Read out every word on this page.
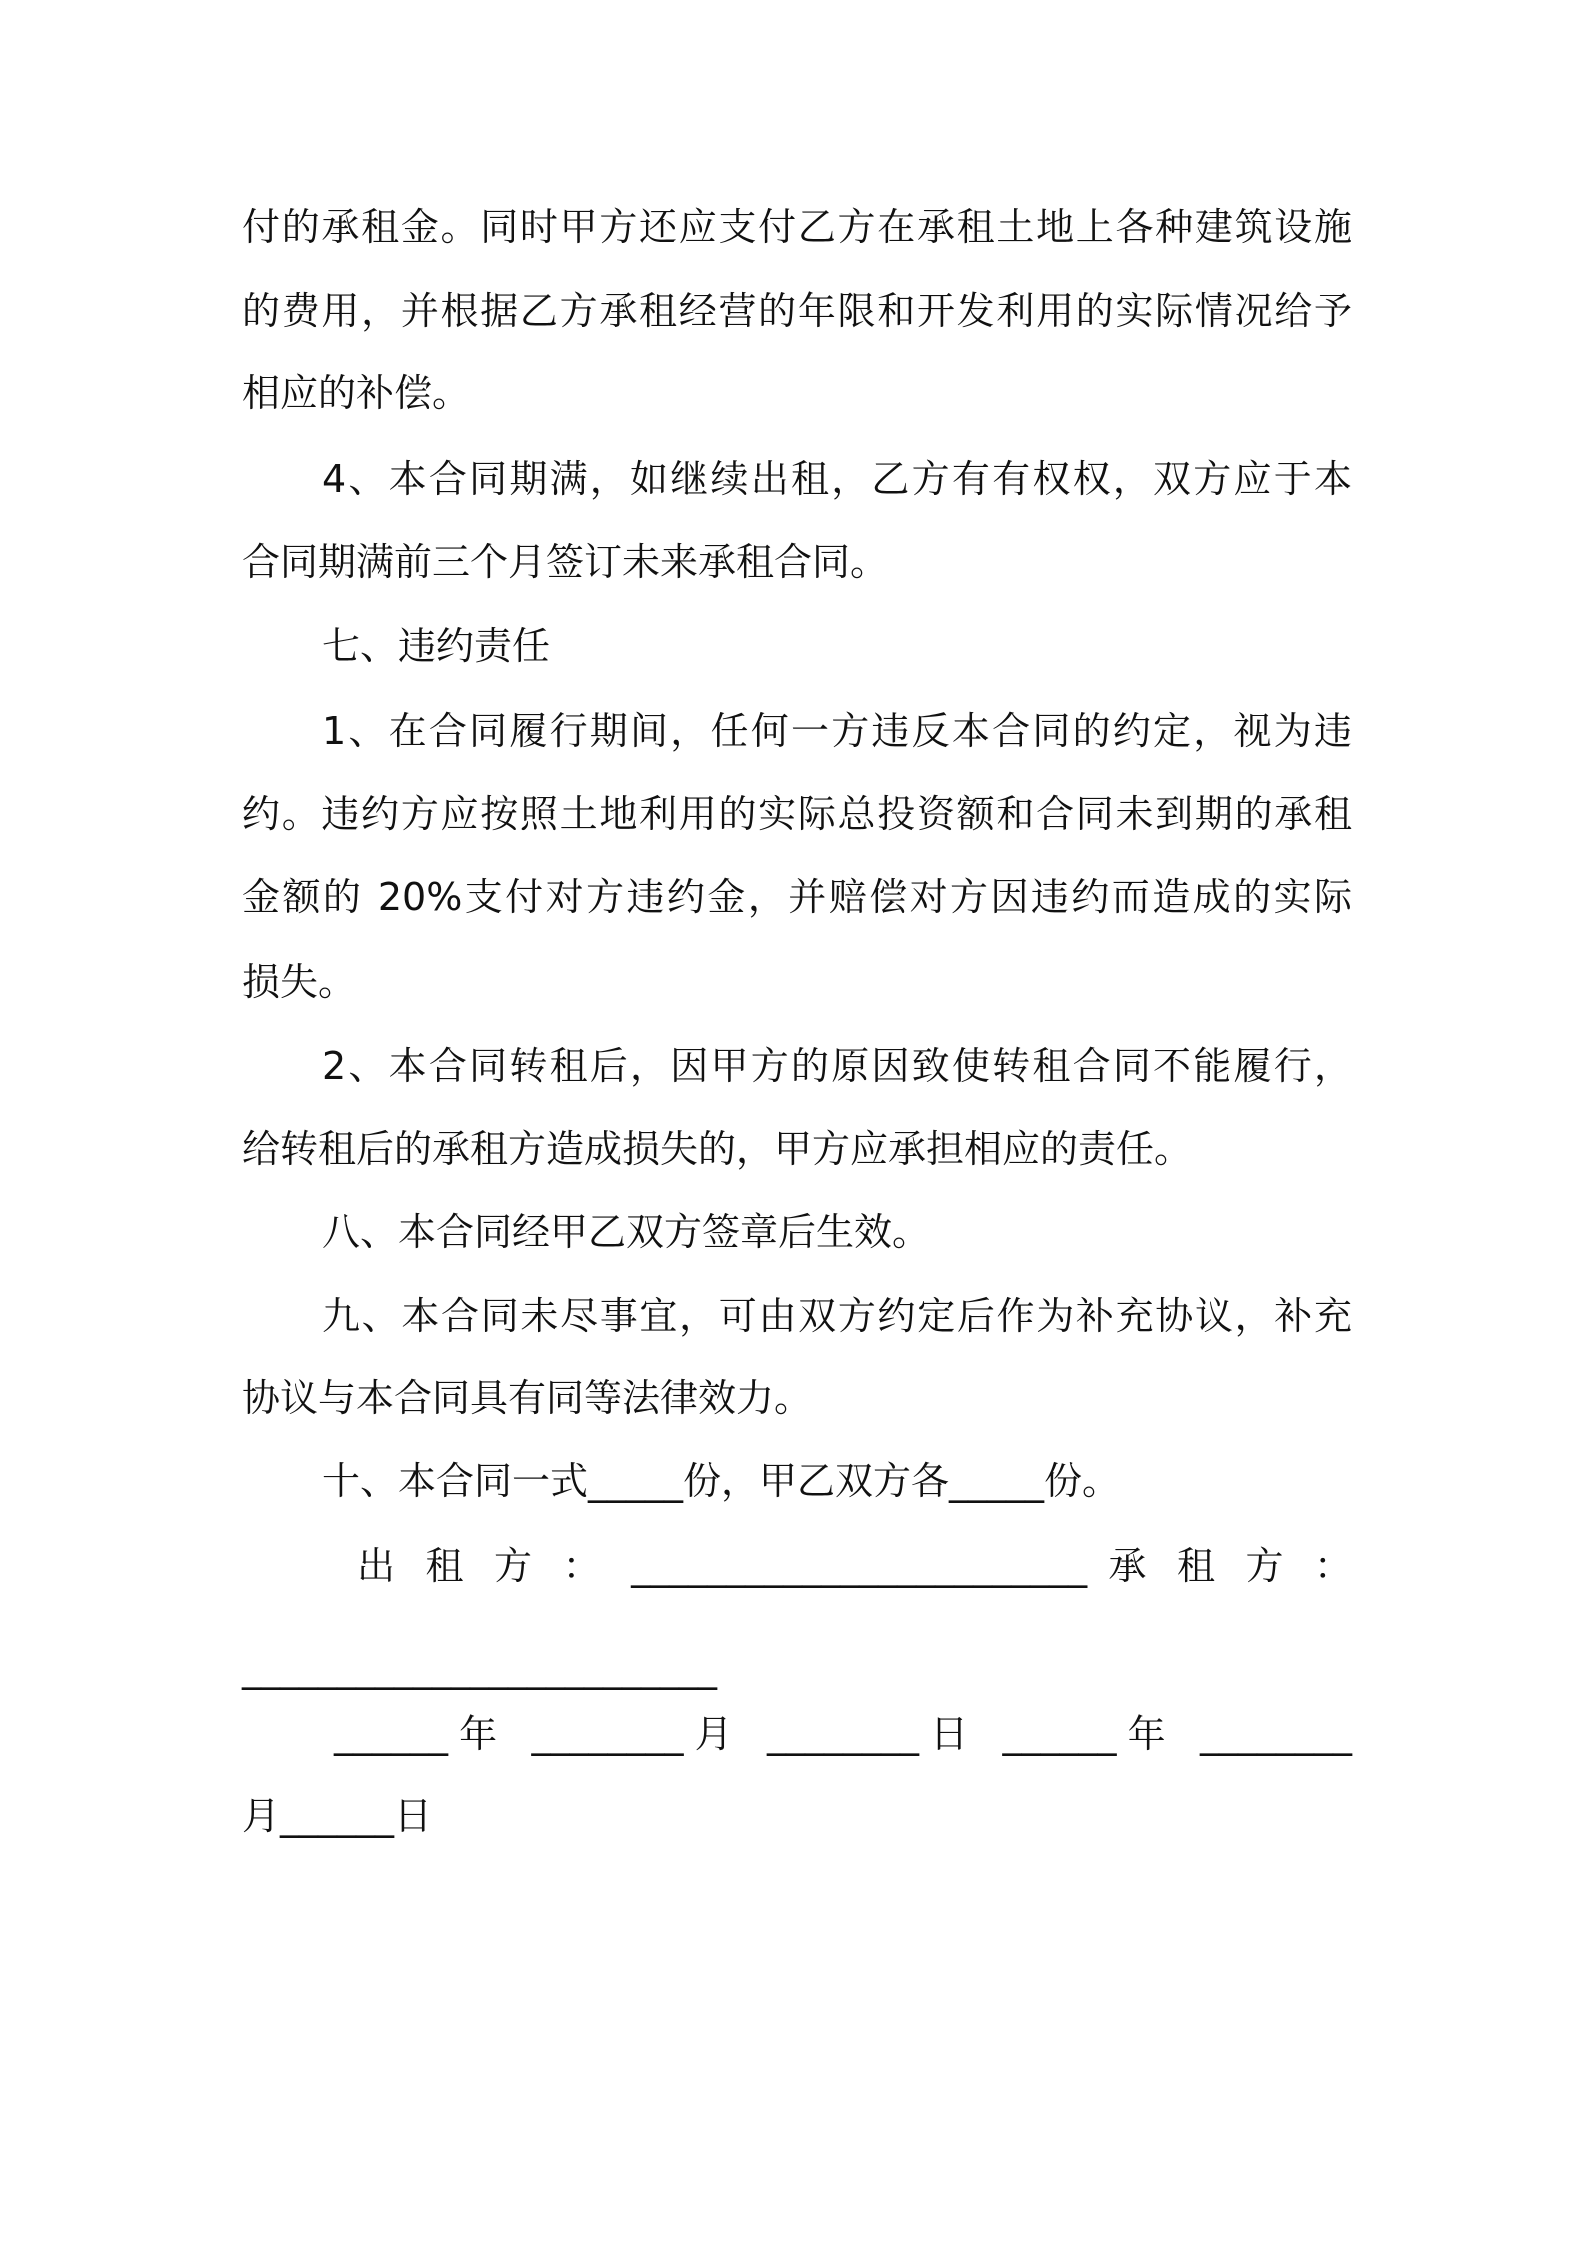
付的承租金。同时甲方还应支付乙方在承租土地上各种建筑设施
的费用，并根据乙方承租经营的年限和开发利用的实际情况给予
相应的补偿。
4、本合同期满，如继续出租，乙方有有权权，双方应于本
合同期满前三个月签订未来承租合同。
七、违约责任
1、在合同履行期间，任何一方违反本合同的约定，视为违
约。违约方应按照土地利用的实际总投资额和合同未到期的承租
金额的 20%支付对方违约金，并赔偿对方因违约而造成的实际
损失。
2、本合同转租后，因甲方的原因致使转租合同不能履行，
给转租后的承租方造成损失的，甲方应承担相应的责任。
八、本合同经甲乙双方签章后生效。
九、本合同未尽事宜，可由双方约定后作为补充协议，补充
协议与本合同具有同等法律效力。
十、本合同一式_____份，甲乙双方各_____份。
出 租 方 ： ________________________ 承 租 方 ：
_________________________
______年 ________月 ________日 ______年 ________
月______日
